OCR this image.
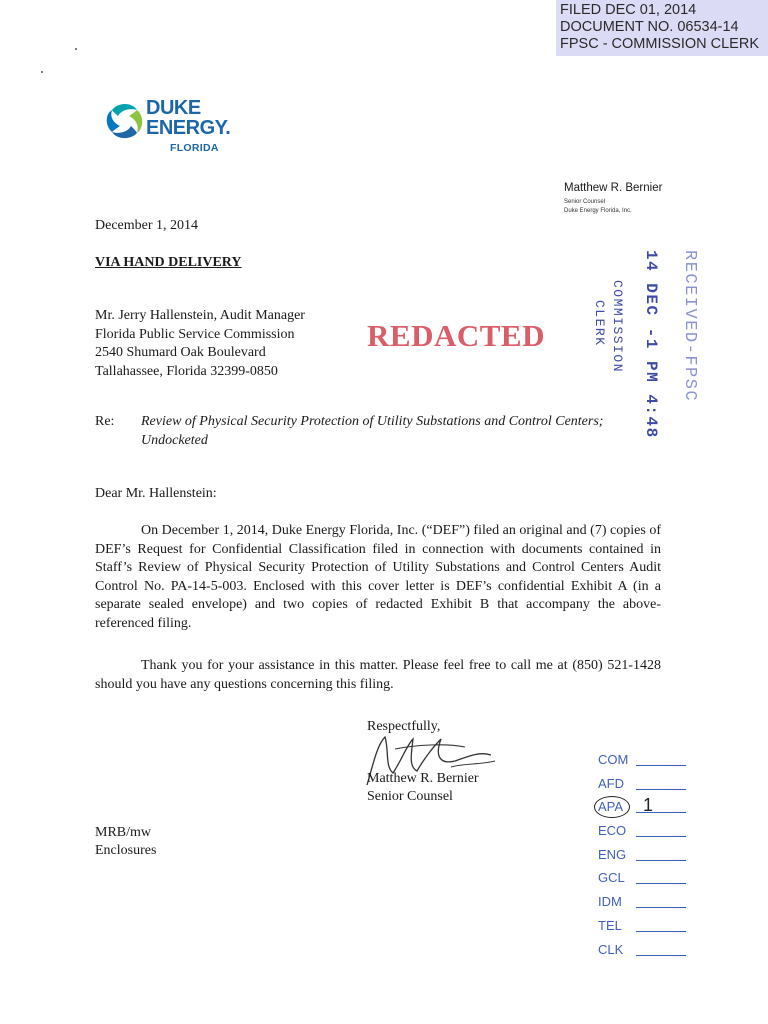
FILED DEC 01, 2014
DOCUMENT NO. 06534-14
FPSC - COMMISSION CLERK
DUKE
ENERGY.
FLORIDA
Matthew R. Bernier
Senior Counsel
Duke Energy Florida, Inc.
December 1, 2014
VIA HAND DELIVERY
Mr. Jerry Hallenstein, Audit Manager
Florida Public Service Commission
2540 Shumard Oak Boulevard
Tallahassee, Florida 32399-0850
REDACTED	RECEIVED-FPSC
14 DEC -1 PM 4:48
COMMISSION
CLERK
Re: Review of Physical Security Protection of Utility Substations and Control Centers;
Undocketed
Dear Mr. Hallenstein:
On December 1, 2014, Duke Energy Florida, Inc. (“DEF”) filed an original and (7) copies of DEF’s Request for Confidential Classification filed in connection with documents contained in Staff’s Review of Physical Security Protection of Utility Substations and Control Centers Audit Control No. PA-14-5-003. Enclosed with this cover letter is DEF’s confidential Exhibit A (in a separate sealed envelope) and two copies of redacted Exhibit B that accompany the above-referenced filing.
Thank you for your assistance in this matter. Please feel free to call me at (850) 521-1428 should you have any questions concerning this filing.
Respectfully,
Matthew R. Bernier
Senior Counsel
MRB/mw
Enclosures
COM
AFD
APA 1
ECO
ENG
GCL
IDM
TEL
CLK
